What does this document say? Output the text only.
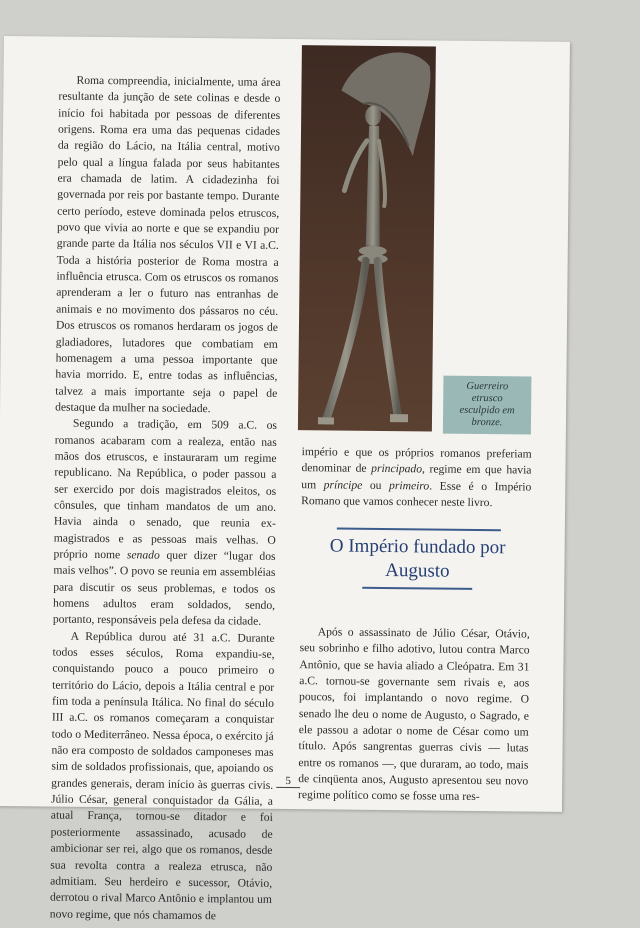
Roma compreendia, inicialmente, uma área resultante da junção de sete colinas e desde o início foi habitada por pessoas de diferentes origens. Roma era uma das pequenas cidades da região do Lácio, na Itália central, motivo pelo qual a língua falada por seus habitantes era chamada de latim. A cidadezinha foi governada por reis por bastante tempo. Durante certo período, esteve dominada pelos etruscos, povo que vivia ao norte e que se expandiu por grande parte da Itália nos séculos VII e VI a.C. Toda a história posterior de Roma mostra a influência etrusca. Com os etruscos os romanos aprenderam a ler o futuro nas entranhas de animais e no movimento dos pássaros no céu. Dos etruscos os romanos herdaram os jogos de gladiadores, lutadores que combatiam em homenagem a uma pessoa importante que havia morrido. E, entre todas as influências, talvez a mais importante seja o papel de destaque da mulher na sociedade.

Segundo a tradição, em 509 a.C. os romanos acabaram com a realeza, então nas mãos dos etruscos, e instauraram um regime republicano. Na República, o poder passou a ser exercido por dois magistrados eleitos, os cônsules, que tinham mandatos de um ano. Havia ainda o senado, que reunia ex-magistrados e as pessoas mais velhas. O próprio nome senado quer dizer “lugar dos mais velhos”. O povo se reunia em assembléias para discutir os seus problemas, e todos os homens adultos eram soldados, sendo, portanto, responsáveis pela defesa da cidade.

A República durou até 31 a.C. Durante todos esses séculos, Roma expandiu-se, conquistando pouco a pouco primeiro o território do Lácio, depois a Itália central e por fim toda a península Itálica. No final do século III a.C. os romanos começaram a conquistar todo o Mediterrâneo. Nessa época, o exército já não era composto de soldados camponeses mas sim de soldados profissionais, que, apoiando os grandes generais, deram início às guerras civis. Júlio César, general conquistador da Gália, a atual França, tornou-se ditador e foi posteriormente assassinado, acusado de ambicionar ser rei, algo que os romanos, desde sua revolta contra a realeza etrusca, não admitiam. Seu herdeiro e sucessor, Otávio, derrotou o rival Marco Antônio e implantou um novo regime, que nós chamamos de

Guerreiro etrusco esculpido em bronze.
império e que os próprios romanos preferiam denominar de principado, regime em que havia um príncipe ou primeiro. Esse é o Império Romano que vamos conhecer neste livro.
O Império fundado por Augusto

Após o assassinato de Júlio César, Otávio, seu sobrinho e filho adotivo, lutou contra Marco Antônio, que se havia aliado a Cleópatra. Em 31 a.C. tornou-se governante sem rivais e, aos poucos, foi implantando o novo regime. O senado lhe deu o nome de Augusto, o Sagrado, e ele passou a adotar o nome de César como um título. Após sangrentas guerras civis — lutas entre os romanos —, que duraram, ao todo, mais de cinqüenta anos, Augusto apresentou seu novo regime político como se fosse uma res-

5
